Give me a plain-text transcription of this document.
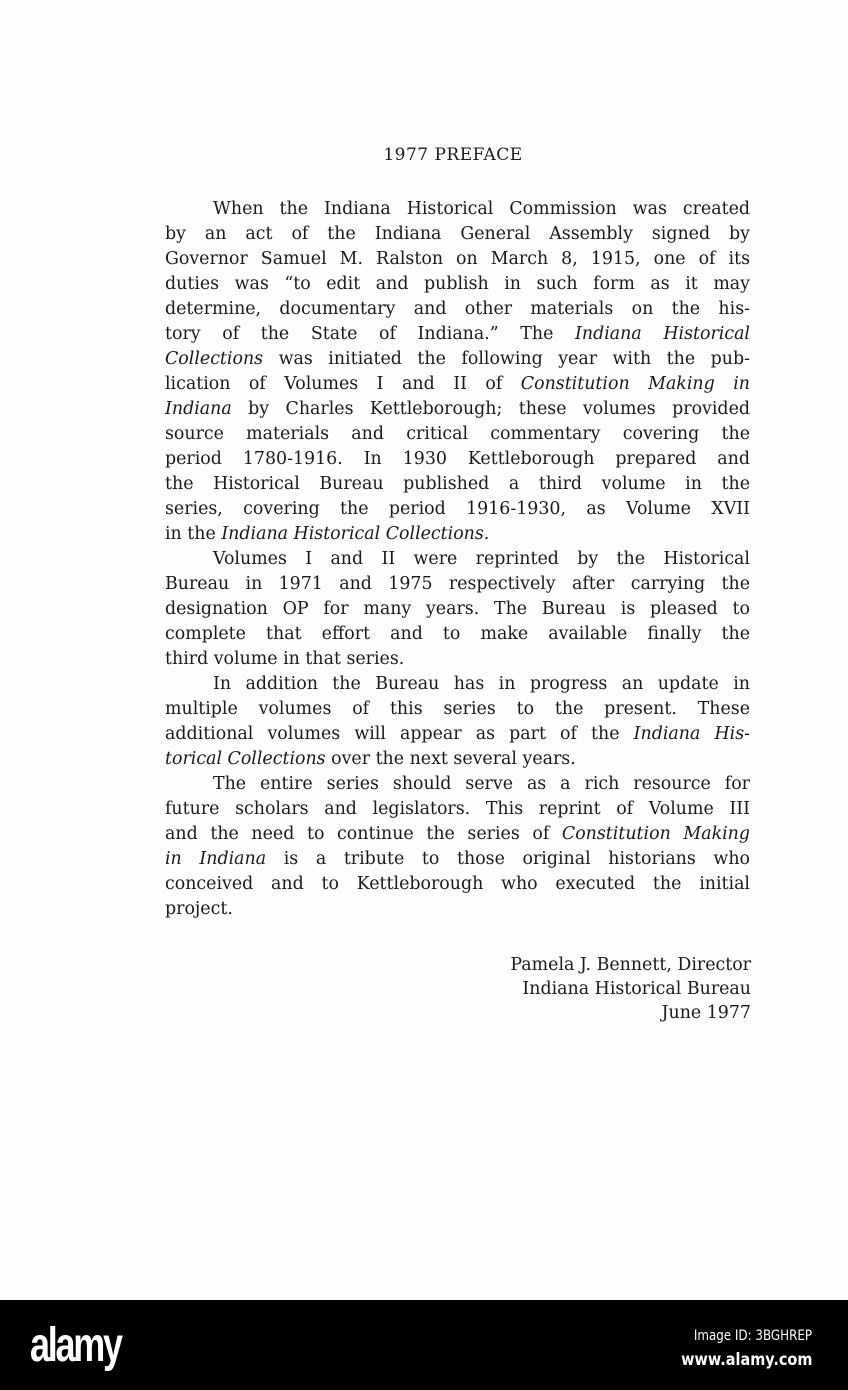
1977 PREFACE
When the Indiana Historical Commission was created
by an act of the Indiana General Assembly signed by
Governor Samuel M. Ralston on March 8, 1915, one of its
duties was “to edit and publish in such form as it may
determine, documentary and other materials on the his-
tory of the State of Indiana.” The Indiana Historical
Collections was initiated the following year with the pub-
lication of Volumes I and II of Constitution Making in
Indiana by Charles Kettleborough; these volumes provided
source materials and critical commentary covering the
period 1780-1916. In 1930 Kettleborough prepared and
the Historical Bureau published a third volume in the
series, covering the period 1916-1930, as Volume XVII
in the Indiana Historical Collections.
Volumes I and II were reprinted by the Historical
Bureau in 1971 and 1975 respectively after carrying the
designation OP for many years. The Bureau is pleased to
complete that effort and to make available finally the
third volume in that series.
In addition the Bureau has in progress an update in
multiple volumes of this series to the present. These
additional volumes will appear as part of the Indiana His-
torical Collections over the next several years.
The entire series should serve as a rich resource for
future scholars and legislators. This reprint of Volume III
and the need to continue the series of Constitution Making
in Indiana is a tribute to those original historians who
conceived and to Kettleborough who executed the initial
project.
Pamela J. Bennett, Director
Indiana Historical Bureau
June 1977
alamy	Image ID: 3BGHREP
www.alamy.com
